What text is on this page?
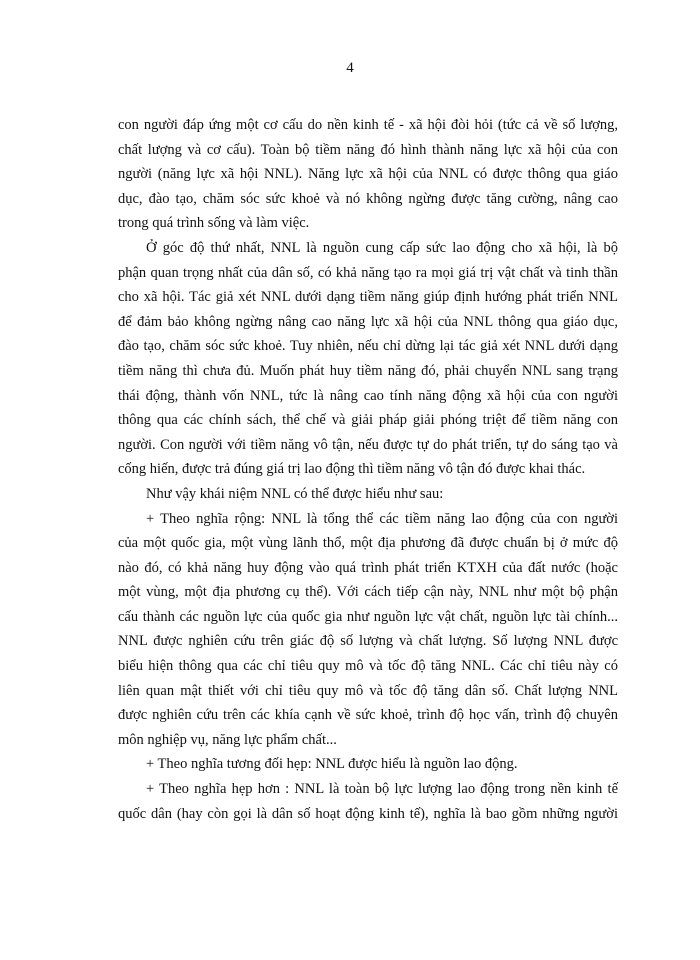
4
con người đáp ứng một cơ cấu do nền kinh tế - xã hội đòi hỏi (tức cả về số lượng,
chất lượng và cơ cấu). Toàn bộ tiềm năng đó hình thành năng lực xã hội của con
người (năng lực xã hội NNL). Năng lực xã hội của NNL có được thông qua giáo
dục, đào tạo, chăm sóc sức khoẻ và nó không ngừng được tăng cường, nâng cao
trong quá trình sống và làm việc.
Ở góc độ thứ nhất, NNL là nguồn cung cấp sức lao động cho xã hội, là bộ
phận quan trọng nhất của dân số, có khả năng tạo ra mọi giá trị vật chất và tinh thần
cho xã hội. Tác giả xét NNL dưới dạng tiềm năng giúp định hướng phát triển NNL
để đảm bảo không ngừng nâng cao năng lực xã hội của NNL thông qua giáo dục,
đào tạo, chăm sóc sức khoẻ. Tuy nhiên, nếu chỉ dừng lại tác giả xét NNL dưới dạng
tiềm năng thì chưa đủ. Muốn phát huy tiềm năng đó, phải chuyển NNL sang trạng
thái động, thành vốn NNL, tức là nâng cao tính năng động xã hội của con người
thông qua các chính sách, thể chế và giải pháp giải phóng triệt để tiềm năng con
người. Con người với tiềm năng vô tận, nếu được tự do phát triển, tự do sáng tạo và
cống hiến, được trả đúng giá trị lao động thì tiềm năng vô tận đó được khai thác.
Như vậy khái niệm NNL có thể được hiểu như sau:
+ Theo nghĩa rộng: NNL là tổng thể các tiềm năng lao động của con người
của một quốc gia, một vùng lãnh thổ, một địa phương đã được chuẩn bị ở mức độ
nào đó, có khả năng huy động vào quá trình phát triển KTXH của đất nước (hoặc
một vùng, một địa phương cụ thể). Với cách tiếp cận này, NNL như một bộ phận
cấu thành các nguồn lực của quốc gia như nguồn lực vật chất, nguồn lực tài chính...
NNL được nghiên cứu trên giác độ số lượng và chất lượng. Số lượng NNL được
biểu hiện thông qua các chỉ tiêu quy mô và tốc độ tăng NNL. Các chỉ tiêu này có
liên quan mật thiết với chỉ tiêu quy mô và tốc độ tăng dân số. Chất lượng NNL
được nghiên cứu trên các khía cạnh về sức khoẻ, trình độ học vấn, trình độ chuyên
môn nghiệp vụ, năng lực phẩm chất...
+ Theo nghĩa tương đối hẹp: NNL được hiểu là nguồn lao động.
+ Theo nghĩa hẹp hơn : NNL là toàn bộ lực lượng lao động trong nền kinh tế
quốc dân (hay còn gọi là dân số hoạt động kinh tế), nghĩa là bao gồm những người
